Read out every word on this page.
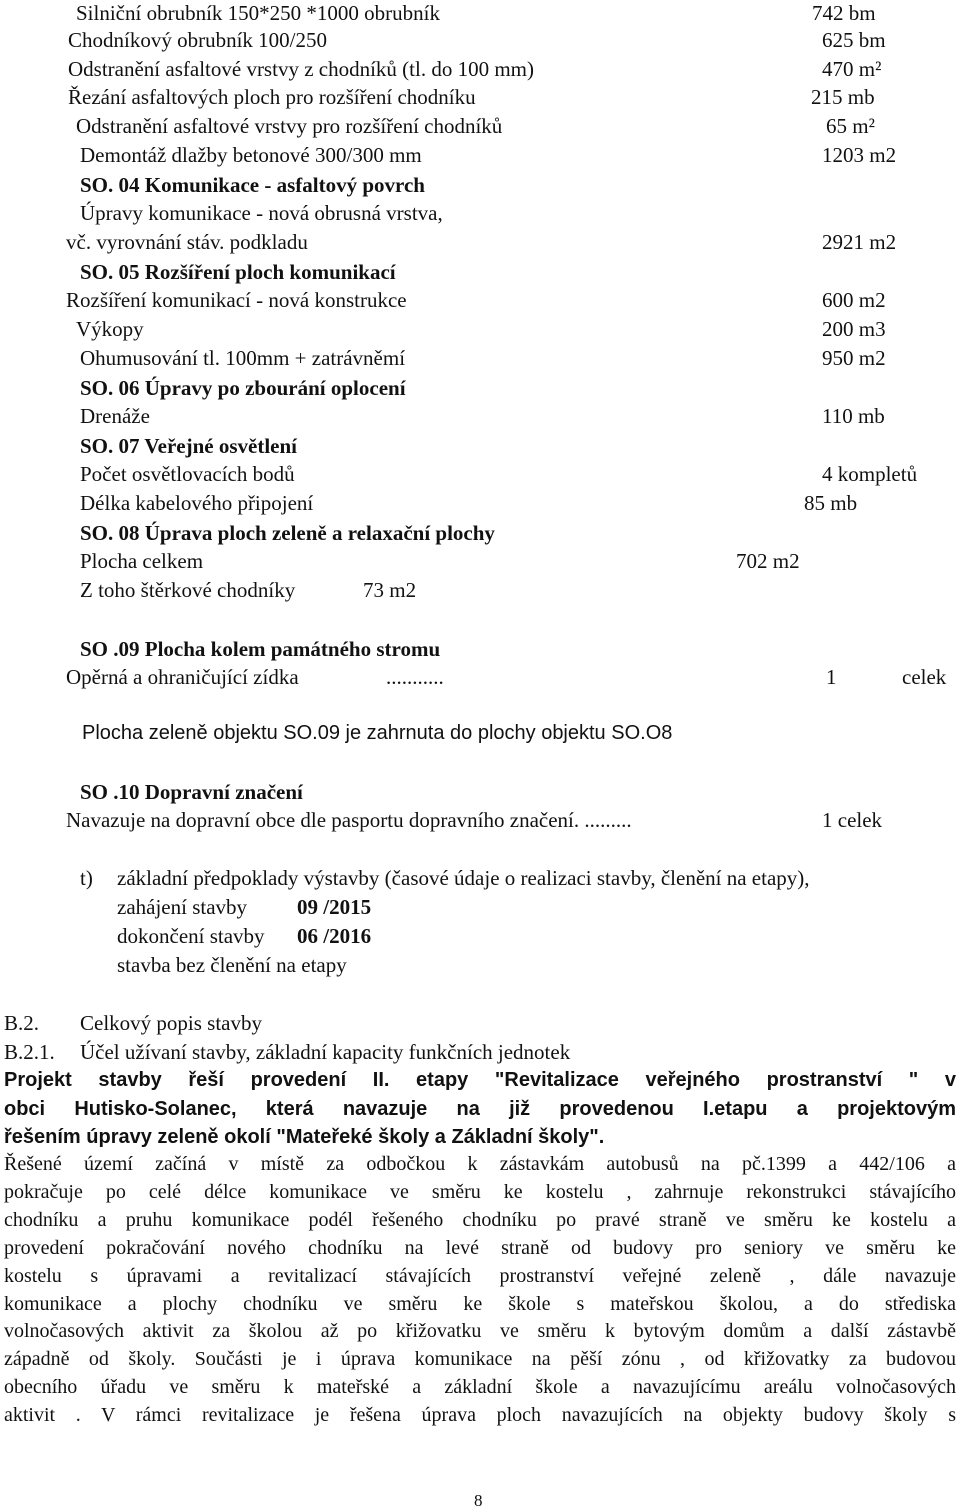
Silniční obrubník 150*250 *1000 obrubník	742 bm
Chodníkový obrubník 100/250	625 bm
Odstranění asfaltové vrstvy z chodníků (tl. do 100 mm)	470 m²
Řezání asfaltových ploch pro rozšíření chodníku	215 mb
Odstranění asfaltové vrstvy pro rozšíření chodníků	65 m²
Demontáž dlažby betonové 300/300 mm	1203 m2
SO. 04 Komunikace - asfaltový povrch
Úpravy komunikace - nová obrusná vrstva,
vč. vyrovnání stáv. podkladu	2921 m2
SO. 05 Rozšíření ploch komunikací
Rozšíření komunikací - nová konstrukce	600 m2
Výkopy	200 m3
Ohumusování tl. 100mm + zatrávněmí	950 m2
SO. 06 Úpravy po zbourání oplocení
Drenáže	110 mb
SO. 07 Veřejné osvětlení
Počet osvětlovacích bodů	4 kompletů
Délka kabelového připojení	85 mb
SO. 08 Úprava ploch zeleně a relaxační plochy
Plocha celkem	702 m2
Z toho štěrkové chodníky	73 m2
SO .09 Plocha kolem památného stromu
Opěrná a ohraničující zídka	...........	1	celek
Plocha zeleně objektu SO.09 je zahrnuta do plochy objektu SO.O8
SO .10 Dopravní značení
Navazuje na dopravní obce dle pasportu dopravního značení. .........	1 celek
t) základní předpoklady výstavby (časové údaje o realizaci stavby, členění na etapy),
zahájení stavby 09 /2015
dokončení stavby 06 /2016
stavba bez členění na etapy
B.2. Celkový popis stavby
B.2.1. Účel užívaní stavby, základní kapacity funkčních jednotek
Projekt stavby řeší provedení II. etapy "Revitalizace veřejného prostranství " v
obci Hutisko-Solanec, která navazuje na již provedenou I.etapu a projektovým
řešením úpravy zeleně okolí "Mateřeké školy a Základní školy".
Řešené území začíná v místě za odbočkou k zástavkám autobusů na pč.1399 a 442/106 a
pokračuje po celé délce komunikace ve směru ke kostelu , zahrnuje rekonstrukci stávajícího
chodníku a pruhu komunikace podél řešeného chodníku po pravé straně ve směru ke kostelu a
provedení pokračování nového chodníku na levé straně od budovy pro seniory ve směru ke
kostelu s úpravami a revitalizací stávajících prostranství veřejné zeleně , dále navazuje
komunikace a plochy chodníku ve směru ke škole s mateřskou školou, a do střediska
volnočasových aktivit za školou až po křižovatku ve směru k bytovým domům a další zástavbě
západně od školy. Součásti je i úprava komunikace na pěší zónu , od křižovatky za budovou
obecního úřadu ve směru k mateřské a základní škole a navazujícímu areálu volnočasových
aktivit . V rámci revitalizace je řešena úprava ploch navazujících na objekty budovy školy s
8
